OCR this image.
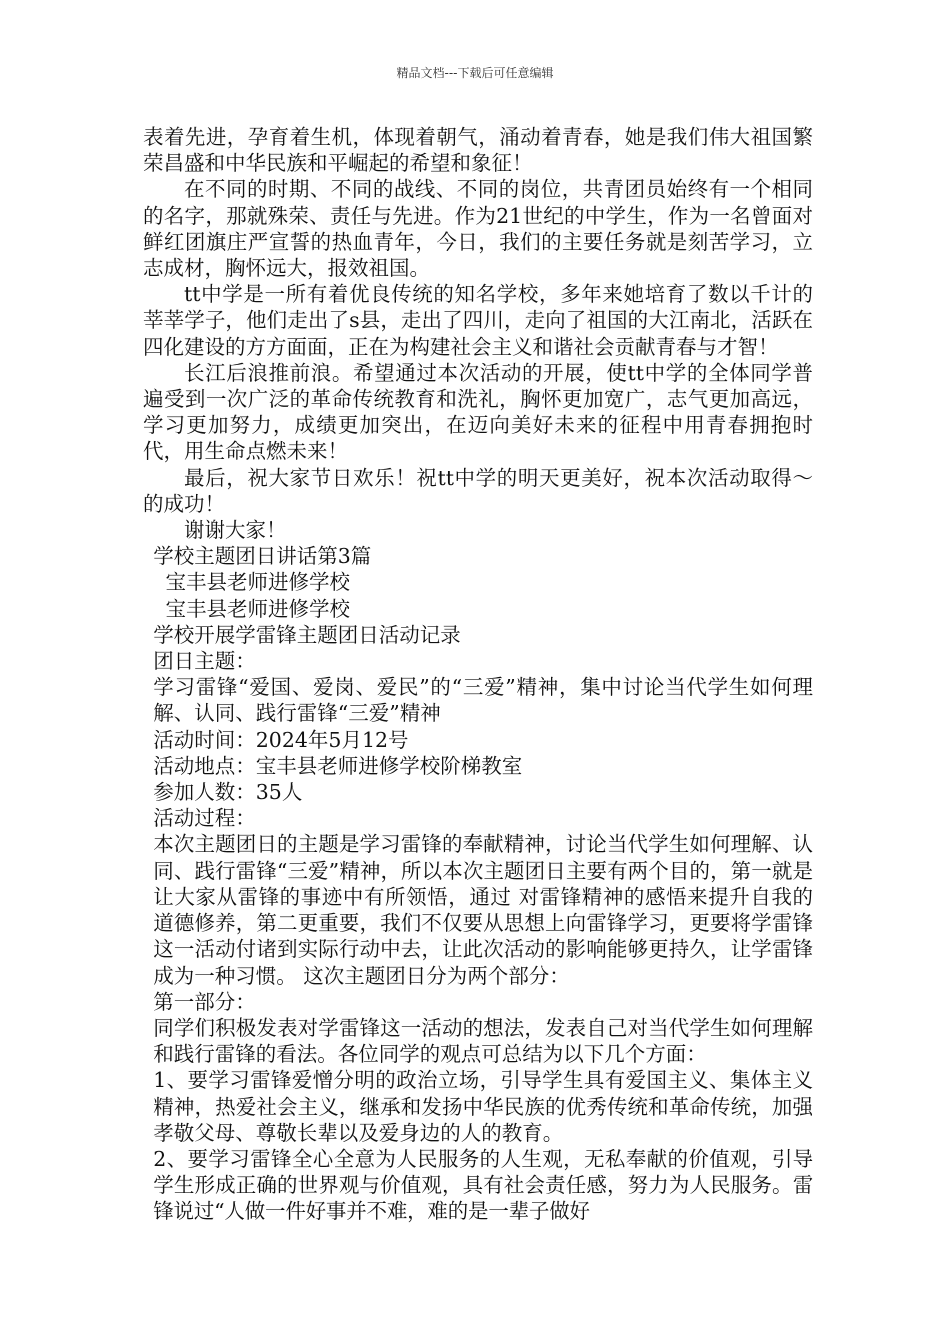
精品文档---下载后可任意编辑

表着先进，孕育着生机，体现着朝气，涌动着青春，她是我们伟大祖国繁荣昌盛和中华民族和平崛起的希望和象征！

在不同的时期、不同的战线、不同的岗位，共青团员始终有一个相同的名字，那就殊荣、责任与先进。作为21世纪的中学生，作为一名曾面对鲜红团旗庄严宣誓的热血青年，今日，我们的主要任务就是刻苦学习，立志成材，胸怀远大，报效祖国。

tt中学是一所有着优良传统的知名学校，多年来她培育了数以千计的莘莘学子，他们走出了s县，走出了四川，走向了祖国的大江南北，活跃在四化建设的方方面面，正在为构建社会主义和谐社会贡献青春与才智！

长江后浪推前浪。希望通过本次活动的开展，使tt中学的全体同学普遍受到一次广泛的革命传统教育和洗礼，胸怀更加宽广，志气更加高远，学习更加努力，成绩更加突出，在迈向美好未来的征程中用青春拥抱时代，用生命点燃未来！

最后，祝大家节日欢乐！祝tt中学的明天更美好，祝本次活动取得～的成功！

谢谢大家！

学校主题团日讲话第3篇

宝丰县老师进修学校

宝丰县老师进修学校

学校开展学雷锋主题团日活动记录

团日主题：

学习雷锋“爱国、爱岗、爱民”的“三爱”精神，集中讨论当代学生如何理解、认同、践行雷锋“三爱”精神

活动时间：2024年5月12号

活动地点：宝丰县老师进修学校阶梯教室

参加人数：35人

活动过程：

本次主题团日的主题是学习雷锋的奉献精神，讨论当代学生如何理解、认同、践行雷锋“三爱”精神，所以本次主题团日主要有两个目的，第一就是让大家从雷锋的事迹中有所领悟，通过 对雷锋精神的感悟来提升自我的道德修养，第二更重要，我们不仅要从思想上向雷锋学习，更要将学雷锋这一活动付诸到实际行动中去，让此次活动的影响能够更持久，让学雷锋成为一种习惯。 这次主题团日分为两个部分：

第一部分：

同学们积极发表对学雷锋这一活动的想法，发表自己对当代学生如何理解和践行雷锋的看法。各位同学的观点可总结为以下几个方面：

1、要学习雷锋爱憎分明的政治立场，引导学生具有爱国主义、集体主义精神，热爱社会主义，继承和发扬中华民族的优秀传统和革命传统，加强孝敬父母、尊敬长辈以及爱身边的人的教育。

2、要学习雷锋全心全意为人民服务的人生观，无私奉献的价值观，引导学生形成正确的世界观与价值观，具有社会责任感，努力为人民服务。雷锋说过“人做一件好事并不难，难的是一辈子做好
